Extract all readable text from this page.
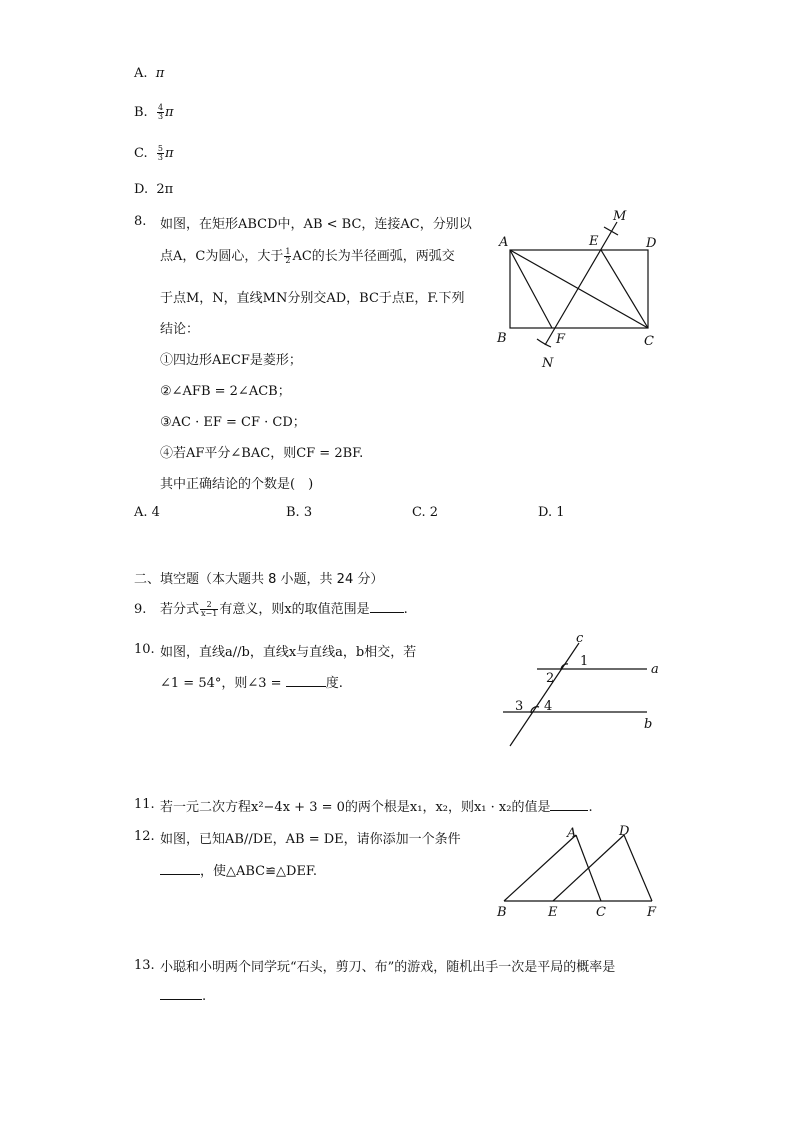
A. π
B. $\frac{4}{3}$ π
C. $\frac{5}{3}$ π
D. 2π
8. 如图，在矩形ABCD中，AB < BC，连接AC，分别以
点A，C为圆心，大于 $\frac{1}{2}$ AC的长为半径画弧，两弧交
于点M，N，直线MN分别交AD，BC于点E，F.下列
结论：
①四边形AECF是菱形；
②∠AFB = 2∠ACB；
③AC · EF = CF · CD；
④若AF平分∠BAC，则CF = 2BF.
其中正确结论的个数是(　)
A. 4	B. 3	C. 2	D. 1
A	E	D
M
B	F	C
N
二、填空题（本大题共 8 小题，共 24 分）
9. 若分式 $\frac{2}{x-1}$ 有意义，则x的取值范围是	.
10. 如图，直线a//b，直线x与直线a，b相交，若
∠1 = 54°，则∠3 =	度.
c
1
a
2
3 4
b
11. 若一元二次方程x²−4x + 3 = 0的两个根是x₁，x₂，则x₁ · x₂的值是	.
12. 如图，已知AB//DE，AB = DE，请你添加一个条件
，使△ABC≌△DEF.
A	D
B	E	C	F
13. 小聪和小明两个同学玩“石头，剪刀、布”的游戏，随机出手一次是平局的概率是
.
